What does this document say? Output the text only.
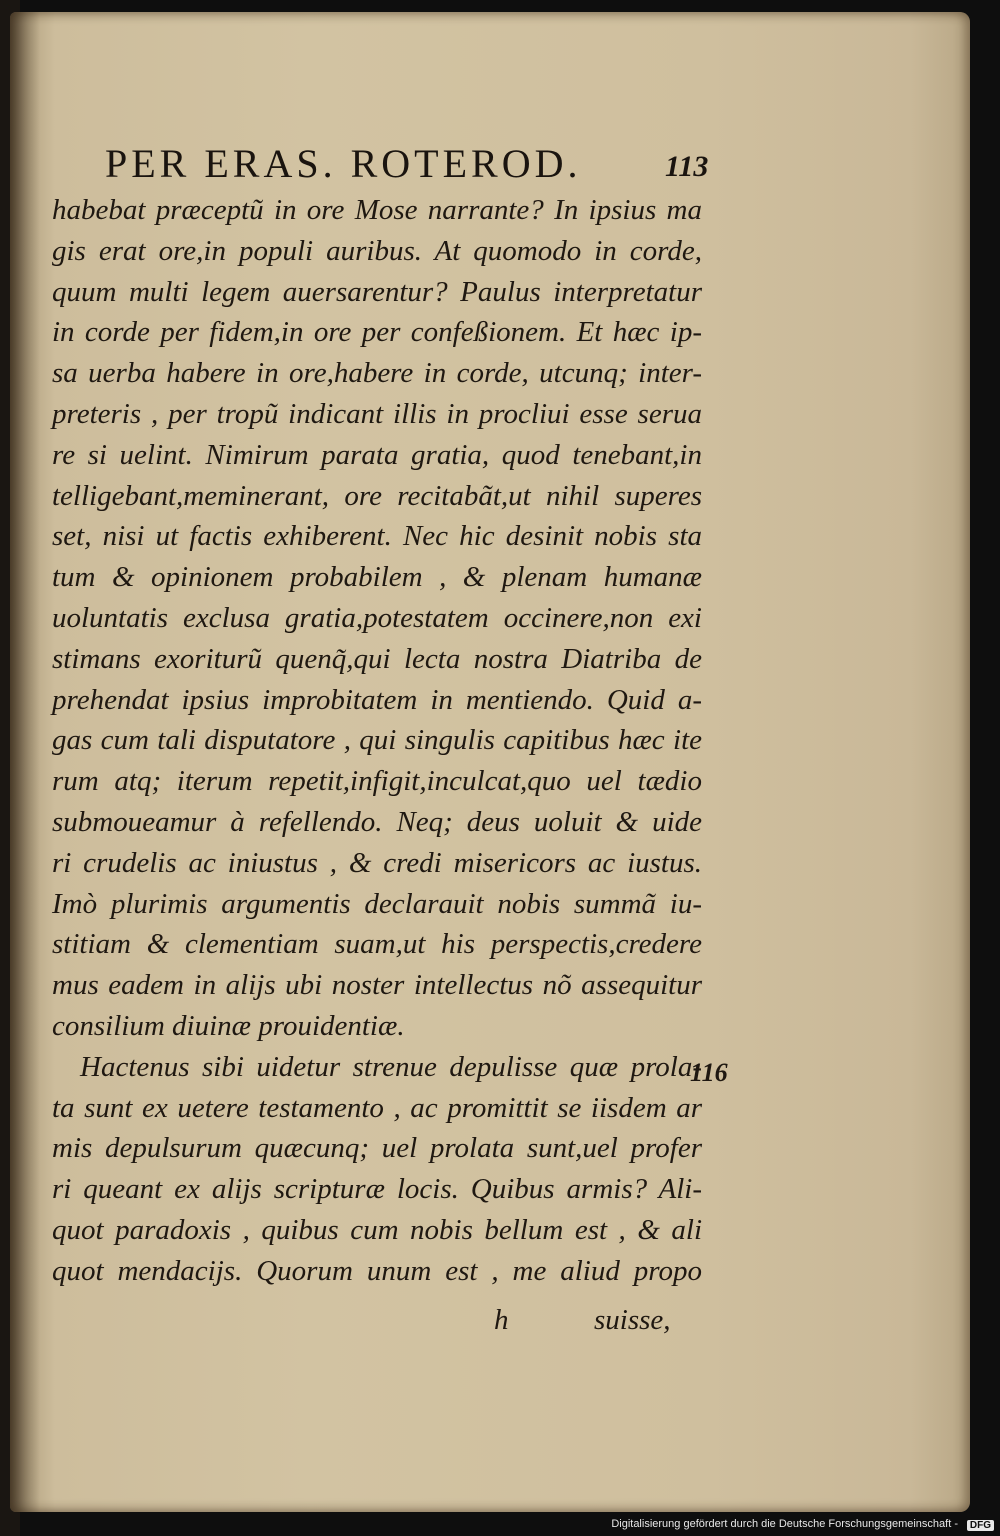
PER ERAS. ROTEROD.	113
habebat præceptũ in ore Mose narrante? In ipsius ma
gis erat ore,in populi auribus. At quomodo in corde,
quum multi legem auersarentur? Paulus interpretatur
in corde per fidem,in ore per confeßionem. Et hæc ip-
sa uerba habere in ore,habere in corde, utcunq; inter-
preteris , per tropũ indicant illis in procliui esse serua
re si uelint. Nimirum parata gratia, quod tenebant,in
telligebant,meminerant, ore recitabãt,ut nihil superes
set, nisi ut factis exhiberent. Nec hic desinit nobis sta
tum & opinionem probabilem , & plenam humanæ
uoluntatis exclusa gratia,potestatem occinere,non exi
stimans exoriturũ quenq̃,qui lecta nostra Diatriba de
prehendat ipsius improbitatem in mentiendo. Quid a-
gas cum tali disputatore , qui singulis capitibus hæc ite
rum atq; iterum repetit,infigit,inculcat,quo uel tædio
submoueamur à refellendo. Neq; deus uoluit & uide
ri crudelis ac iniustus , & credi misericors ac iustus.
Imò plurimis argumentis declarauit nobis summã iu-
stitiam & clementiam suam,ut his perspectis,credere
mus eadem in alijs ubi noster intellectus nõ assequitur
consilium diuinæ prouidentiæ.
Hactenus sibi uidetur strenue depulisse quæ prola-
ta sunt ex uetere testamento , ac promittit se iisdem ar
mis depulsurum quæcunq; uel prolata sunt,uel profer
ri queant ex alijs scripturæ locis. Quibus armis? Ali-
quot paradoxis , quibus cum nobis bellum est , & ali
quot mendacijs. Quorum unum est , me aliud propo
116
h	suisse,
Digitalisierung gefördert durch die Deutsche Forschungsgemeinschaft -	DFG
